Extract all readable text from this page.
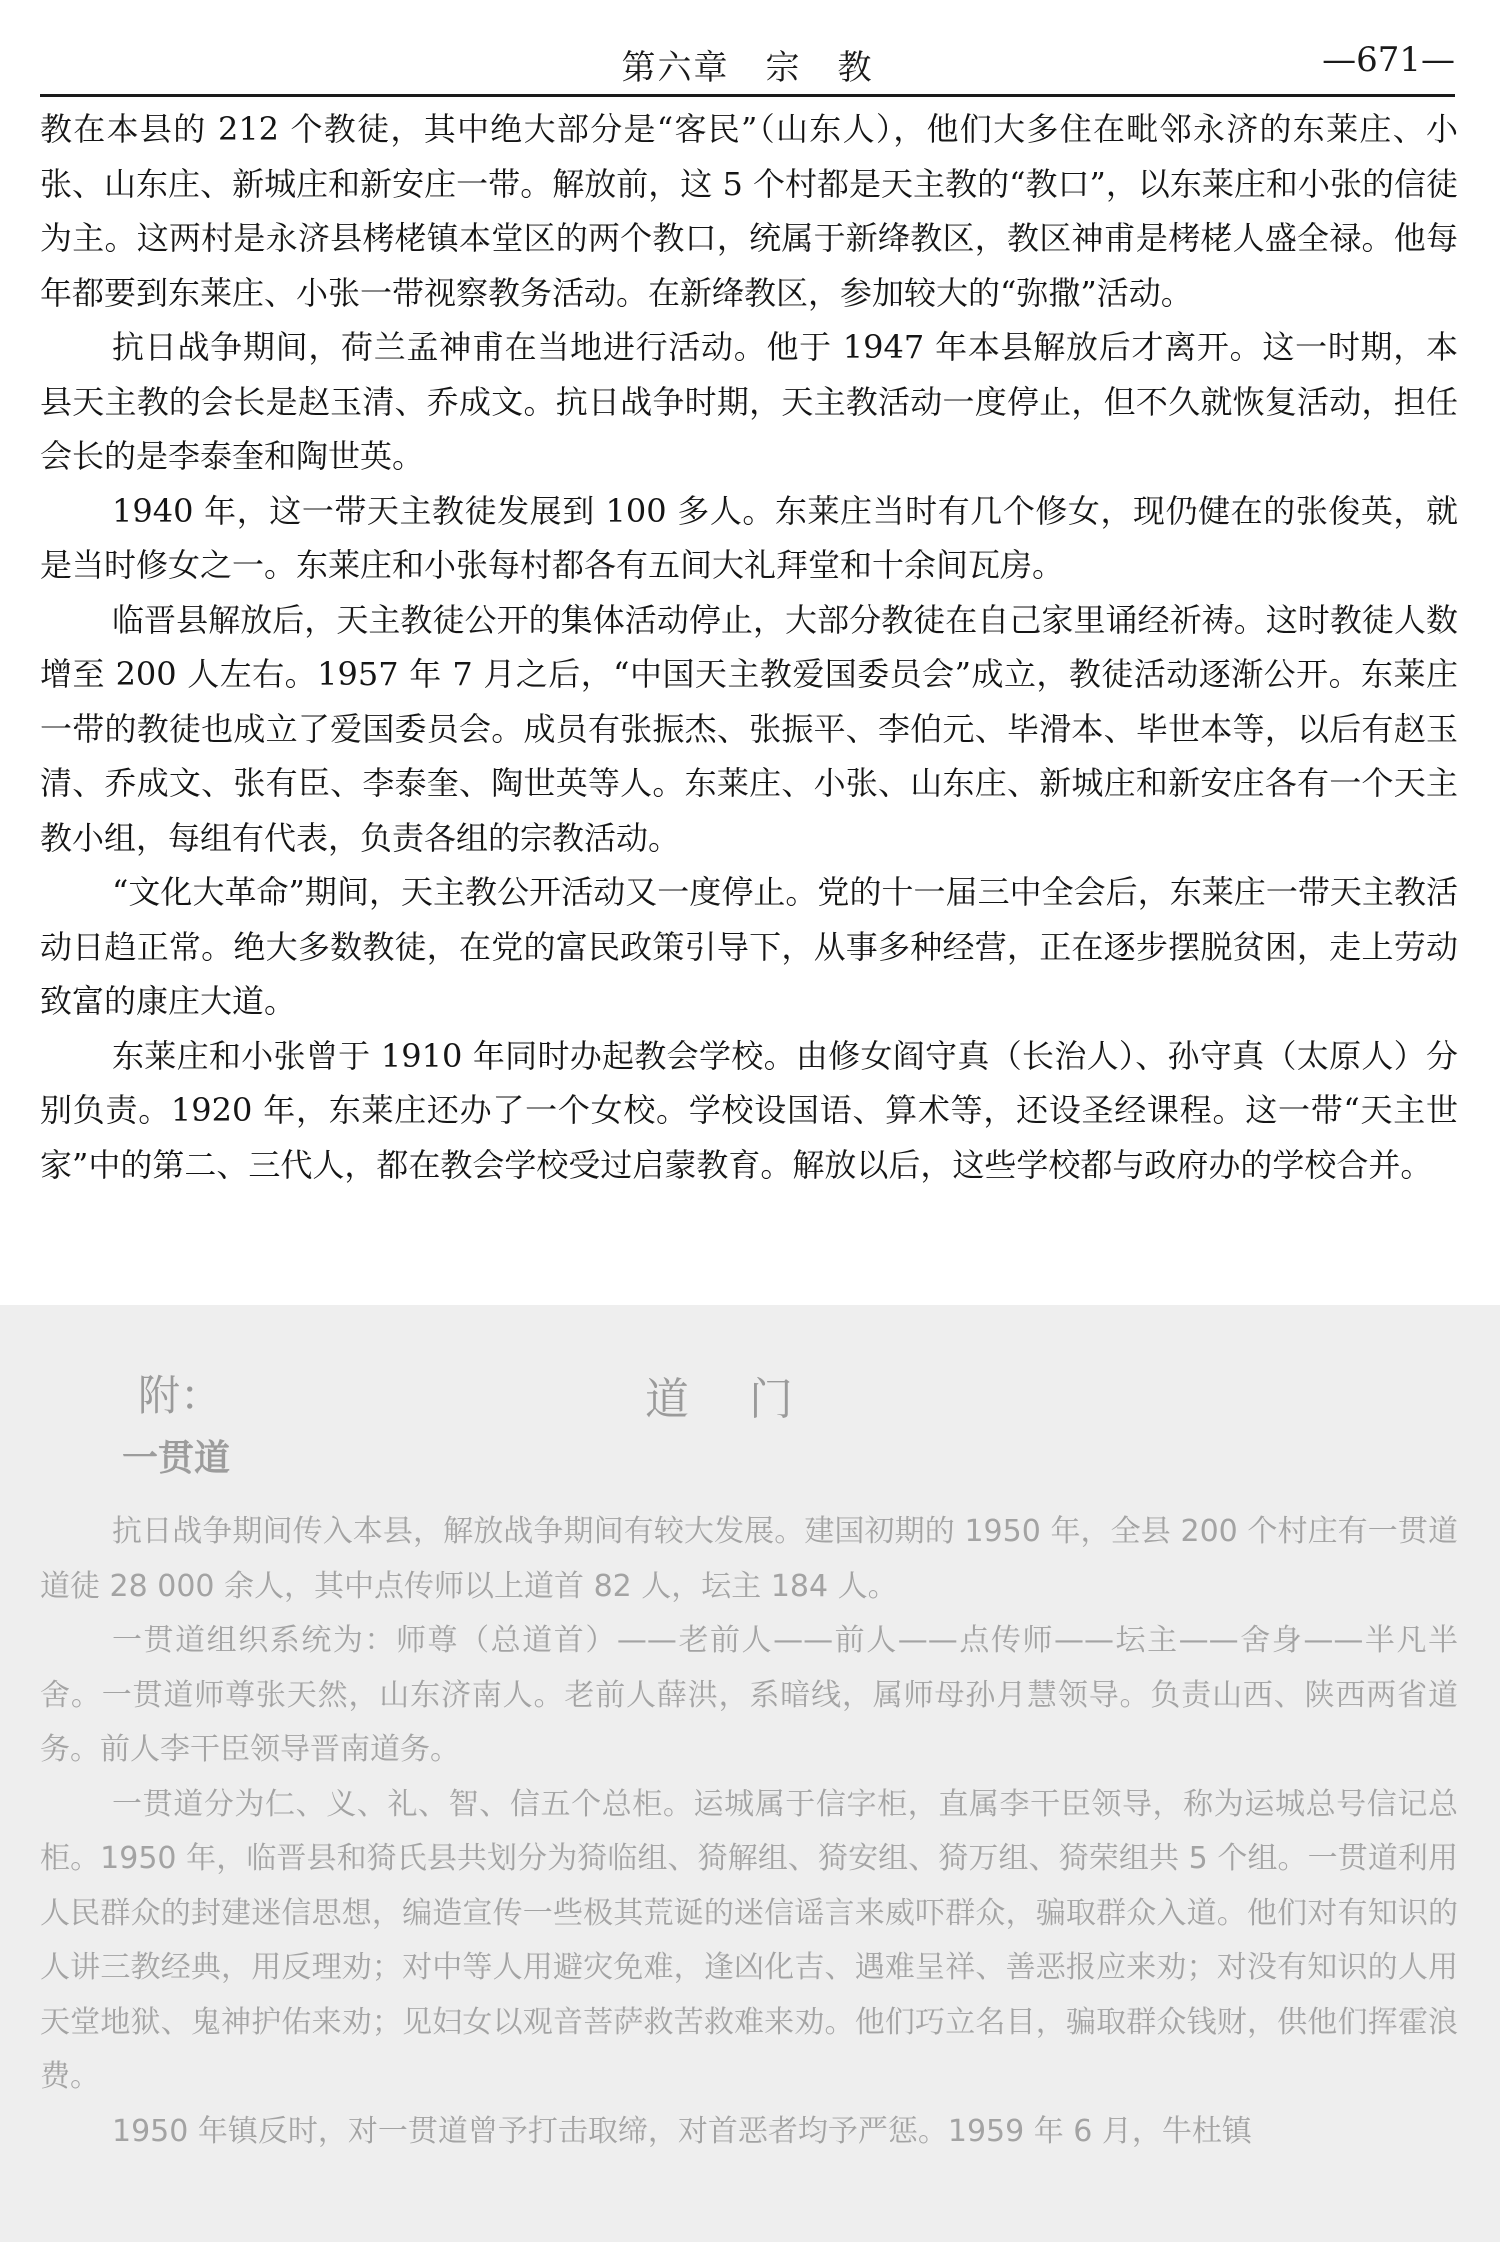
第六章　宗　教	—671—

教在本县的 212 个教徒，其中绝大部分是“客民”（山东人），他们大多住在毗邻永济的东莱庄、小张、山东庄、新城庄和新安庄一带。解放前，这 5 个村都是天主教的“教口”，以东莱庄和小张的信徒为主。这两村是永济县栲栳镇本堂区的两个教口，统属于新绛教区，教区神甫是栲栳人盛全禄。他每年都要到东莱庄、小张一带视察教务活动。在新绛教区，参加较大的“弥撒”活动。

抗日战争期间，荷兰孟神甫在当地进行活动。他于 1947 年本县解放后才离开。这一时期，本县天主教的会长是赵玉清、乔成文。抗日战争时期，天主教活动一度停止，但不久就恢复活动，担任会长的是李泰奎和陶世英。

1940 年，这一带天主教徒发展到 100 多人。东莱庄当时有几个修女，现仍健在的张俊英，就是当时修女之一。东莱庄和小张每村都各有五间大礼拜堂和十余间瓦房。

临晋县解放后，天主教徒公开的集体活动停止，大部分教徒在自己家里诵经祈祷。这时教徒人数增至 200 人左右。1957 年 7 月之后，“中国天主教爱国委员会”成立，教徒活动逐渐公开。东莱庄一带的教徒也成立了爱国委员会。成员有张振杰、张振平、李伯元、毕滑本、毕世本等，以后有赵玉清、乔成文、张有臣、李泰奎、陶世英等人。东莱庄、小张、山东庄、新城庄和新安庄各有一个天主教小组，每组有代表，负责各组的宗教活动。

“文化大革命”期间，天主教公开活动又一度停止。党的十一届三中全会后，东莱庄一带天主教活动日趋正常。绝大多数教徒，在党的富民政策引导下，从事多种经营，正在逐步摆脱贫困，走上劳动致富的康庄大道。

东莱庄和小张曾于 1910 年同时办起教会学校。由修女阎守真（长治人）、孙守真（太原人）分别负责。1920 年，东莱庄还办了一个女校。学校设国语、算术等，还设圣经课程。这一带“天主世家”中的第二、三代人，都在教会学校受过启蒙教育。解放以后，这些学校都与政府办的学校合并。

附：	道门
一贯道

抗日战争期间传入本县，解放战争期间有较大发展。建国初期的 1950 年，全县 200 个村庄有一贯道道徒 28 000 余人，其中点传师以上道首 82 人，坛主 184 人。

一贯道组织系统为：师尊（总道首）——老前人——前人——点传师——坛主——舍身——半凡半舍。一贯道师尊张天然，山东济南人。老前人薛洪，系暗线，属师母孙月慧领导。负责山西、陕西两省道务。前人李干臣领导晋南道务。

一贯道分为仁、义、礼、智、信五个总柜。运城属于信字柜，直属李干臣领导，称为运城总号信记总柜。1950 年，临晋县和猗氏县共划分为猗临组、猗解组、猗安组、猗万组、猗荣组共 5 个组。一贯道利用人民群众的封建迷信思想，编造宣传一些极其荒诞的迷信谣言来威吓群众，骗取群众入道。他们对有知识的人讲三教经典，用反理劝；对中等人用避灾免难，逢凶化吉、遇难呈祥、善恶报应来劝；对没有知识的人用天堂地狱、鬼神护佑来劝；见妇女以观音菩萨救苦救难来劝。他们巧立名目，骗取群众钱财，供他们挥霍浪费。

1950 年镇反时，对一贯道曾予打击取缔，对首恶者均予严惩。1959 年 6 月，牛杜镇
